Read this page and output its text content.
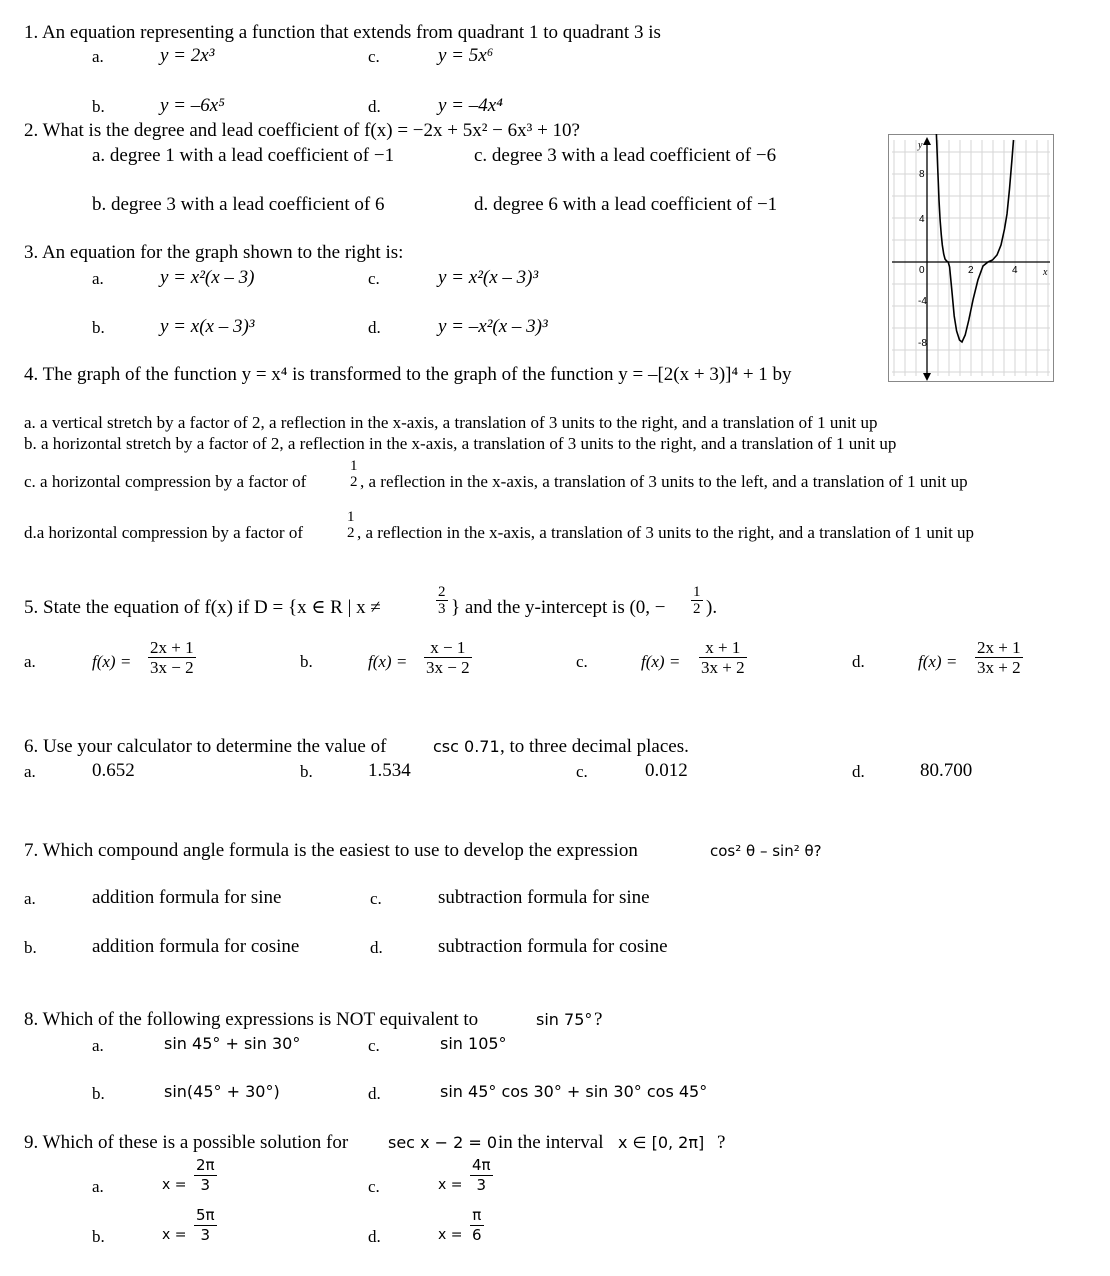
1. An equation representing a function that extends from quadrant 1 to quadrant 3 is
a.	y = 2x³	c.	y = 5x⁶
b.	y = –6x⁵	d.	y = –4x⁴
2. What is the degree and lead coefficient of f(x) = −2x + 5x² − 6x³ + 10?
a. degree 1 with a lead coefficient of −1	c. degree 3 with a lead coefficient of −6
b. degree 3 with a lead coefficient of 6	d. degree 6 with a lead coefficient of −1
3. An equation for the graph shown to the right is:
a.	y = x²(x – 3)	c.	y = x²(x – 3)³
b.	y = x(x – 3)³	d.	y = –x²(x – 3)³
y
x
8
4
0	2	4
-4
-8
4. The graph of the function y = x⁴ is transformed to the graph of the function y = –[2(x + 3)]⁴ + 1 by
a. a vertical stretch by a factor of 2, a reflection in the x-axis, a translation of 3 units to the right, and a translation of 1 unit up
b. a horizontal stretch by a factor of 2, a reflection in the x-axis, a translation of 3 units to the right, and a translation of 1 unit up
c. a horizontal compression by a factor of
1
2 , a reflection in the x-axis, a translation of 3 units to the left, and a translation of 1 unit up
d.a horizontal compression by a factor of
1
2 , a reflection in the x-axis, a translation of 3 units to the right, and a translation of 1 unit up
5. State the equation of f(x) if D = {x ∈ R | x ≠	$\frac{2}{3}$ } and the y-intercept is (0, − $\frac{1}{2}$ ).
a.	$f(x) = \frac{2x + 1}{3x - 2}$	b.	$f(x) = \frac{x - 1}{3x - 2}$	c.	$f(x) = \frac{x + 1}{3x + 2}$	d.	$f(x) = \frac{2x + 1}{3x + 2}$
6. Use your calculator to determine the value of	csc 0.71 , to three decimal places.
a.	0.652	b.	1.534	c.	0.012	d.	80.700
7. Which compound angle formula is the easiest to use to develop the expression	cos² θ – sin² θ?
a.	addition formula for sine	c.	subtraction formula for sine
b.	addition formula for cosine	d.	subtraction formula for cosine
8. Which of the following expressions is NOT equivalent to	sin 75° ?
a.	sin 45° + sin 30°	c.	sin 105°
b.	sin(45° + 30°)	d.	sin 45° cos 30° + sin 30° cos 45°
9. Which of these is a possible solution for sec x − 2 = 0 in the interval x ∈ [0, 2π] ?
a.	$x = \frac{2\pi}{3}$	c.	$x = \frac{4\pi}{3}$
b.	$x = \frac{5\pi}{3}$	d.	$x = \frac{\pi}{6}$
